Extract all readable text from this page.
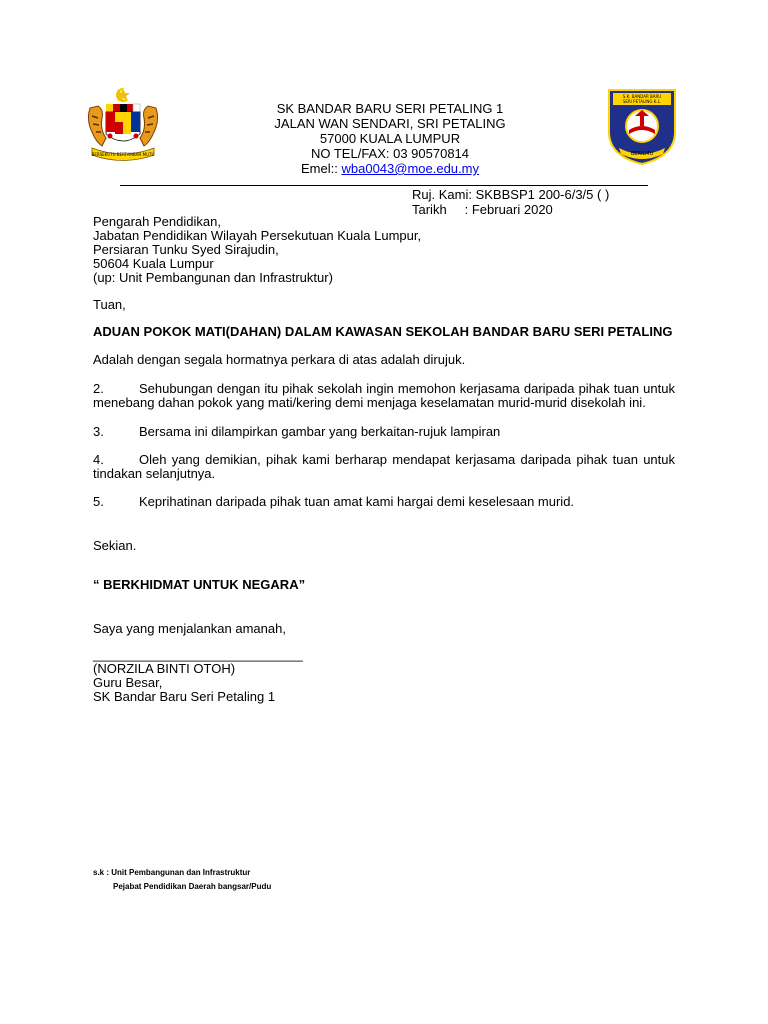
BERSEKUTU BERTAMBAH MUTU
SK BANDAR BARU SERI PETALING 1
JALAN WAN SENDARI, SRI PETALING
57000 KUALA LUMPUR
NO TEL/FAX: 03 90570814
Emel:: wba0043@moe.edu.my
S.K. BANDAR BARU
SERI PETALING K.L.
BERILMU
Ruj. Kami: SKBBSP1 200-6/3/5 ( )
Tarikh : Februari 2020
Pengarah Pendidikan,
Jabatan Pendidikan Wilayah Persekutuan Kuala Lumpur,
Persiaran Tunku Syed Sirajudin,
50604 Kuala Lumpur
(up: Unit Pembangunan dan Infrastruktur)
Tuan,
ADUAN POKOK MATI(DAHAN) DALAM KAWASAN SEKOLAH BANDAR BARU SERI PETALING
Adalah dengan segala hormatnya perkara di atas adalah dirujuk.
2.	Sehubungan dengan itu pihak sekolah ingin memohon kerjasama daripada pihak tuan untuk menebang dahan pokok yang mati/kering demi menjaga keselamatan murid-murid disekolah ini.
3.	Bersama ini dilampirkan gambar yang berkaitan-rujuk lampiran
4.	Oleh yang demikian, pihak kami berharap mendapat kerjasama daripada pihak tuan untuk tindakan selanjutnya.
5.	Keprihatinan daripada pihak tuan amat kami hargai demi keselesaan murid.
Sekian.
“ BERKHIDMAT UNTUK NEGARA”
Saya yang menjalankan amanah,
_____________________________
(NORZILA BINTI OTOH)
Guru Besar,
SK Bandar Baru Seri Petaling 1
s.k : Unit Pembangunan dan Infrastruktur
Pejabat Pendidikan Daerah bangsar/Pudu
